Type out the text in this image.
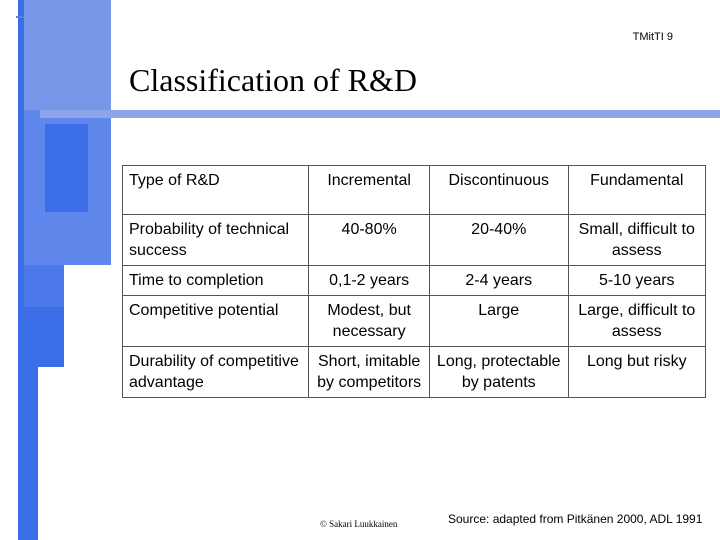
TMitTI 9
Classification of R&D
Type of R&D	Incremental	Discontinuous	Fundamental
Probability of technical success	40-80%	20-40%	Small, difficult to assess
Time to completion	0,1-2 years	2-4 years	5-10 years
Competitive potential	Modest, but necessary	Large	Large, difficult to assess
Durability of competitive advantage	Short, imitable by competitors	Long, protectable by patents	Long but risky
© Sakari Luukkainen	Source: adapted from Pitkänen 2000, ADL 1991
